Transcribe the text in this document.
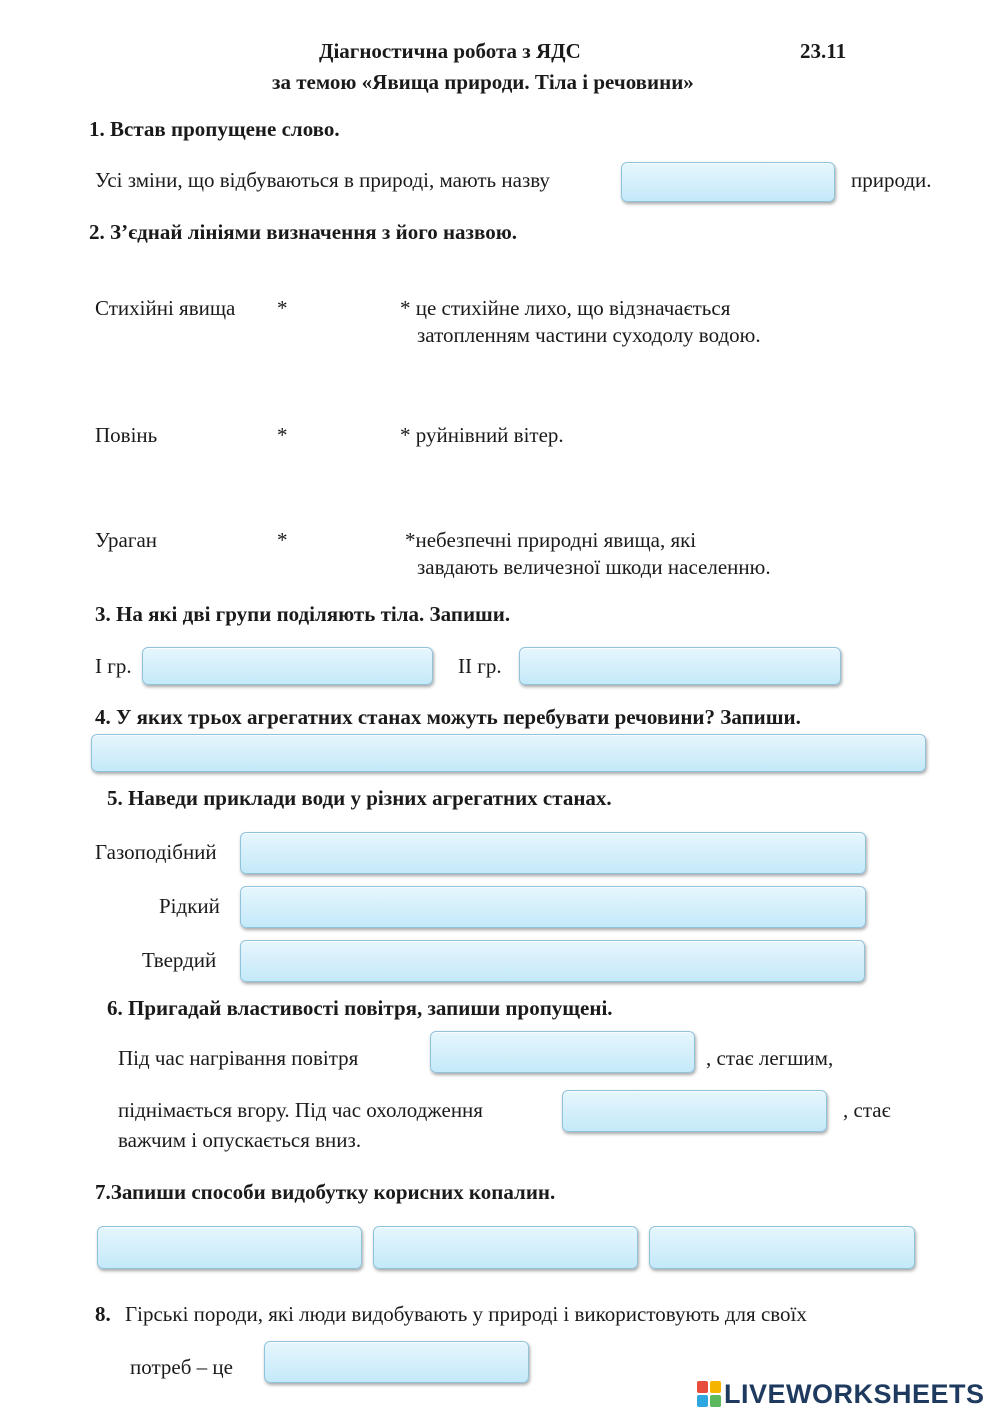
Діагностична робота з ЯДС	23.11
за темою «Явища природи. Тіла і речовини»
1. Встав пропущене слово.
Усі зміни, що відбуваються в природі, мають назву	природи.
2. З’єднай лініями визначення з його назвою.
Стихійні явища *	* це стихійне лихо, що відзначається
затопленням частини суходолу водою.
Повінь	*	* руйнівний вітер.
Ураган	*	*небезпечні природні явища, які
завдають величезної шкоди населенню.
3. На які дві групи поділяють тіла. Запиши.
І гр.	ІІ гр.
4. У яких трьох агрегатних станах можуть перебувати речовини? Запиши.
5. Наведи приклади води у різних агрегатних станах.
Газоподібний
Рідкий
Твердий
6. Пригадай властивості повітря, запиши пропущені.
Під час нагрівання повітря	, стає легшим,
піднімається вгору. Під час охолодження	, стає
важчим і опускається вниз.
7.Запиши способи видобутку корисних копалин.
8. Гірські породи, які люди видобувають у природі і використовують для своїх
потреб – це
LIVEWORKSHEETS
